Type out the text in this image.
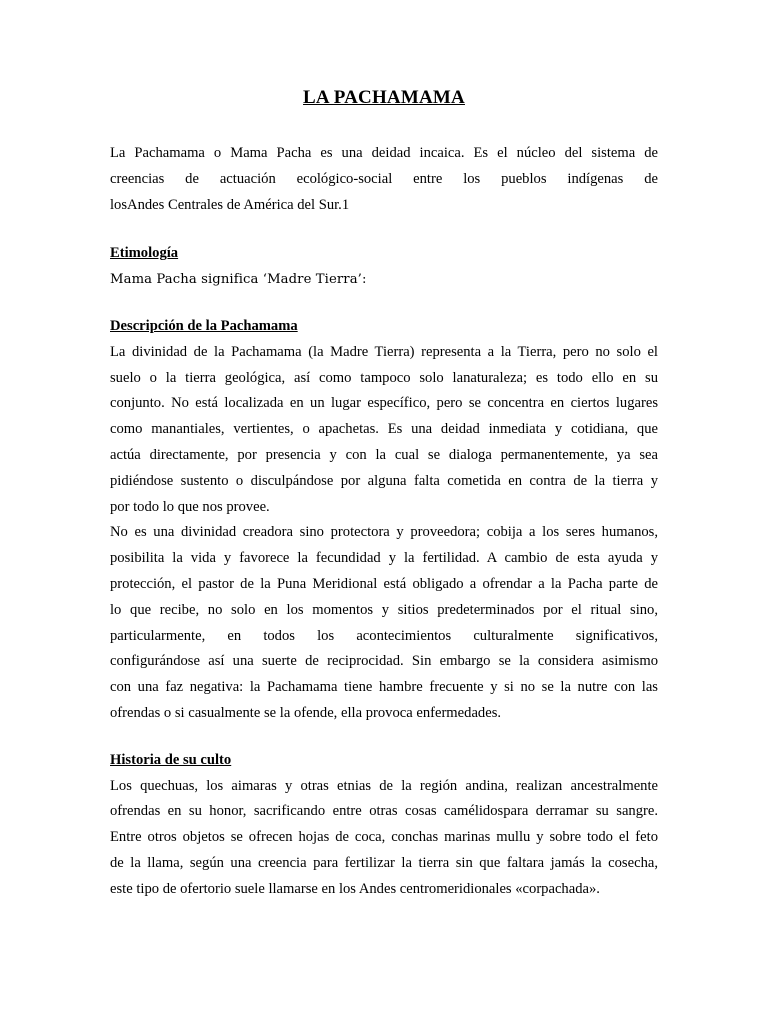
LA PACHAMAMA
La Pachamama o Mama Pacha es una deidad incaica. Es el núcleo del sistema de
creencias de actuación ecológico-social entre los pueblos indígenas de
losAndes Centrales de América del Sur.1
Etimología
Mama Pacha significa ‘Madre Tierra’:
Descripción de la Pachamama
La divinidad de la Pachamama (la Madre Tierra) representa a la Tierra, pero no solo el
suelo o la tierra geológica, así como tampoco solo lanaturaleza; es todo ello en su
conjunto. No está localizada en un lugar específico, pero se concentra en ciertos lugares
como manantiales, vertientes, o apachetas. Es una deidad inmediata y cotidiana, que
actúa directamente, por presencia y con la cual se dialoga permanentemente, ya sea
pidiéndose sustento o disculpándose por alguna falta cometida en contra de la tierra y
por todo lo que nos provee.
No es una divinidad creadora sino protectora y proveedora; cobija a los seres humanos,
posibilita la vida y favorece la fecundidad y la fertilidad. A cambio de esta ayuda y
protección, el pastor de la Puna Meridional está obligado a ofrendar a la Pacha parte de
lo que recibe, no solo en los momentos y sitios predeterminados por el ritual sino,
particularmente, en todos los acontecimientos culturalmente significativos,
configurándose así una suerte de reciprocidad. Sin embargo se la considera asimismo
con una faz negativa: la Pachamama tiene hambre frecuente y si no se la nutre con las
ofrendas o si casualmente se la ofende, ella provoca enfermedades.
Historia de su culto
Los quechuas, los aimaras y otras etnias de la región andina, realizan ancestralmente
ofrendas en su honor, sacrificando entre otras cosas camélidospara derramar su sangre.
Entre otros objetos se ofrecen hojas de coca, conchas marinas mullu y sobre todo el feto
de la llama, según una creencia para fertilizar la tierra sin que faltara jamás la cosecha,
este tipo de ofertorio suele llamarse en los Andes centromeridionales «corpachada».
